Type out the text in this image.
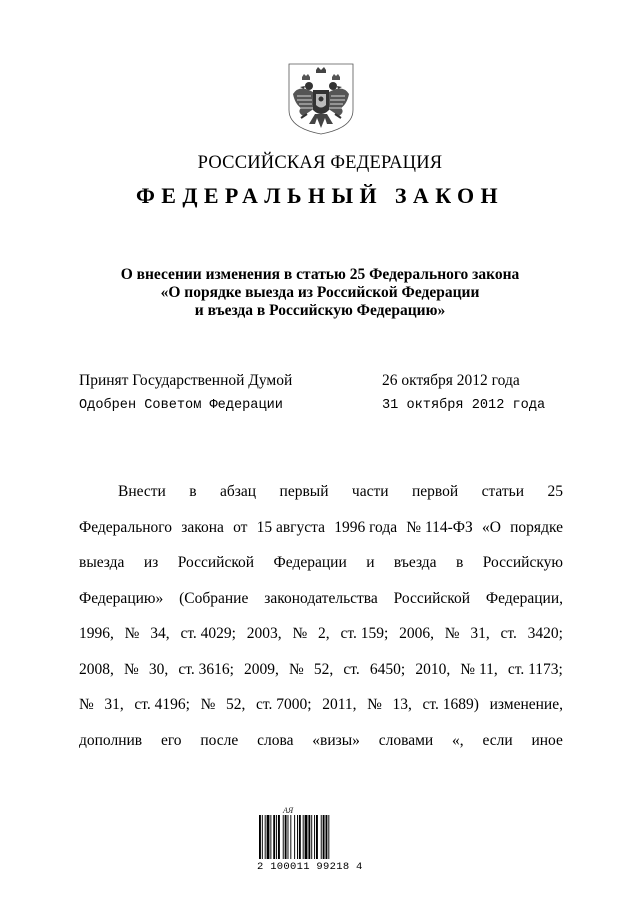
РОССИЙСКАЯ ФЕДЕРАЦИЯ
ФЕДЕРАЛЬНЫЙ ЗАКОН
О внесении изменения в статью 25 Федерального закона
«О порядке выезда из Российской Федерации
и въезда в Российскую Федерацию»
Принят Государственной Думой	26 октября 2012 года
Одобрен Советом Федерации	31 октября 2012 года
Внести в абзац первый части первой статьи 25
Федерального закона от 15 августа 1996 года № 114-ФЗ «О порядке
выезда из Российской Федерации и въезда в Российскую
Федерацию» (Собрание законодательства Российской Федерации,
1996, № 34, ст. 4029; 2003, № 2, ст. 159; 2006, № 31, ст. 3420;
2008, № 30, ст. 3616; 2009, № 52, ст. 6450; 2010, № 11, ст. 1173;
№ 31, ст. 4196; № 52, ст. 7000; 2011, № 13, ст. 1689) изменение,
дополнив его после слова «визы» словами «, если иное
АЯ
2 100011 99218 4
